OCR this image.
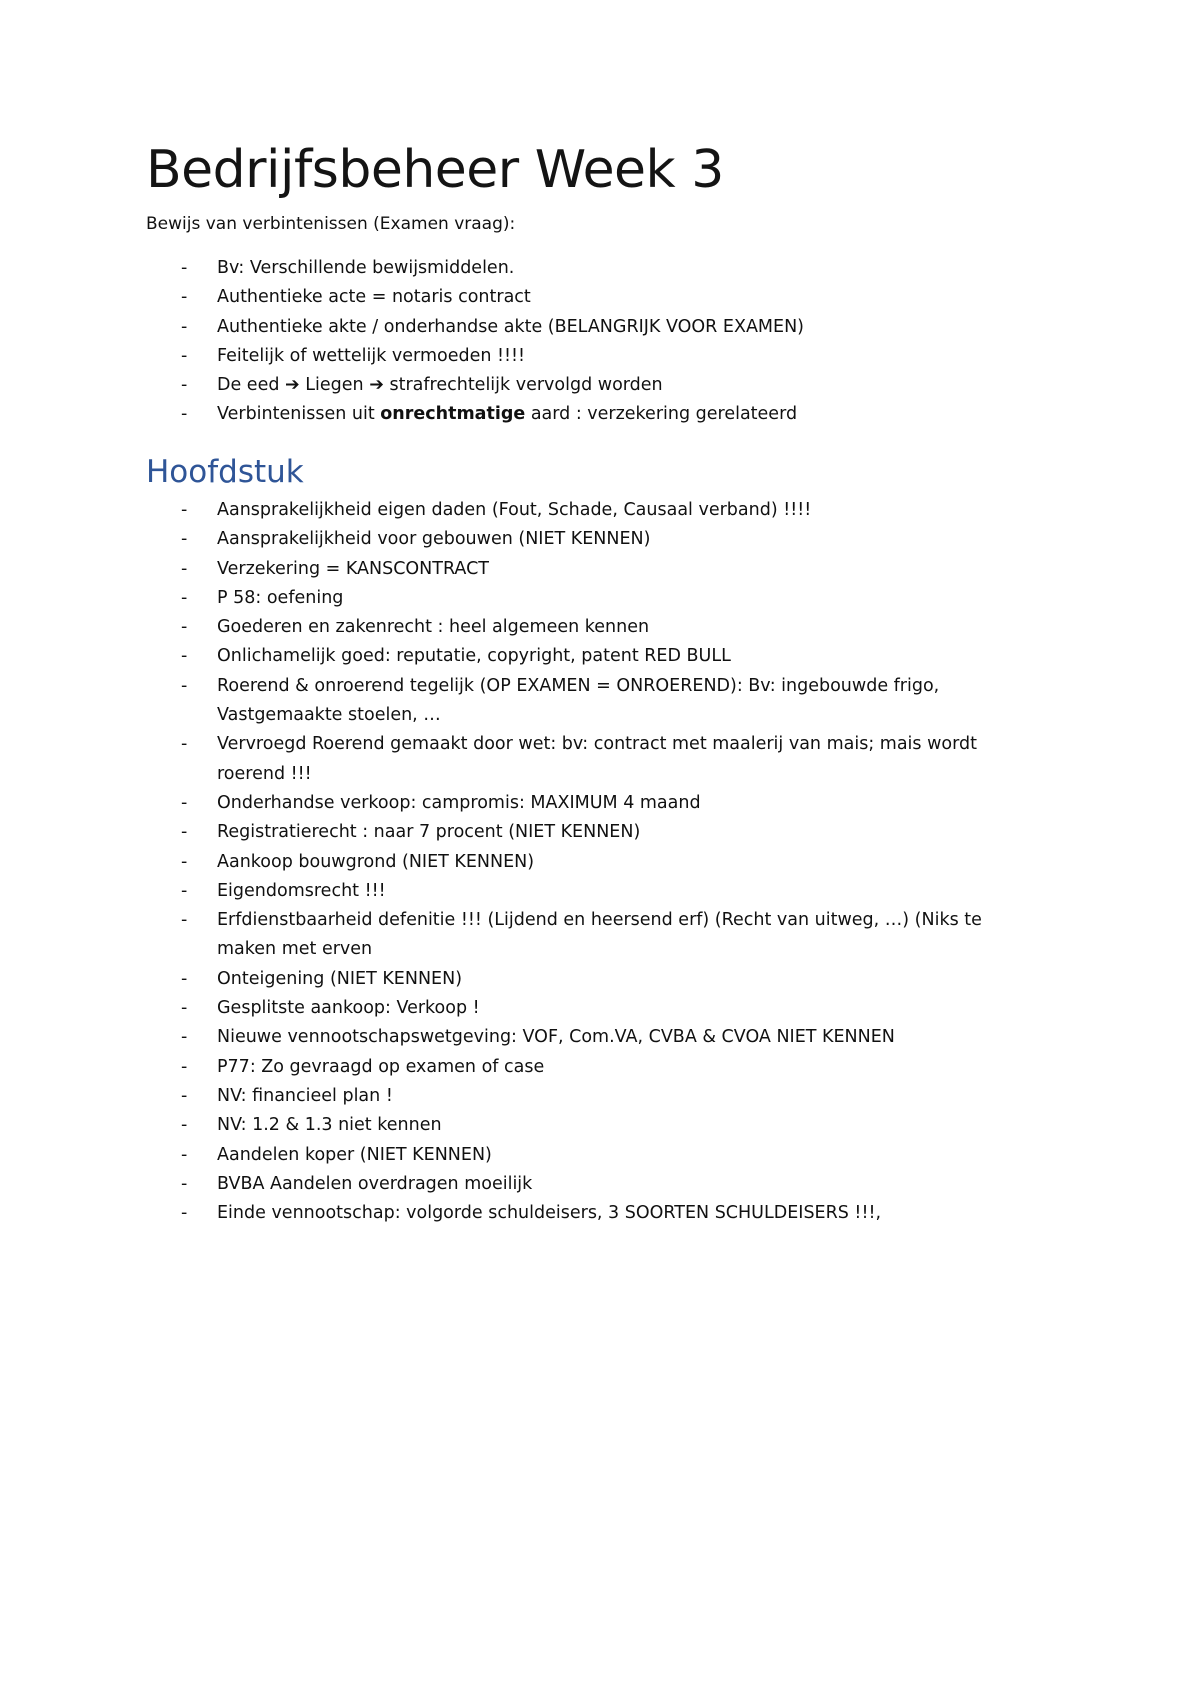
Bedrijfsbeheer Week 3
Bewijs van verbintenissen (Examen vraag):
- Bv: Verschillende bewijsmiddelen.
- Authentieke acte = notaris contract
- Authentieke akte / onderhandse akte (BELANGRIJK VOOR EXAMEN)
- Feitelijk of wettelijk vermoeden !!!!
- De eed ➔ Liegen ➔ strafrechtelijk vervolgd worden
- Verbintenissen uit onrechtmatige aard : verzekering gerelateerd
Hoofdstuk
- Aansprakelijkheid eigen daden (Fout, Schade, Causaal verband) !!!!
- Aansprakelijkheid voor gebouwen (NIET KENNEN)
- Verzekering = KANSCONTRACT
- P 58: oefening
- Goederen en zakenrecht : heel algemeen kennen
- Onlichamelijk goed: reputatie, copyright, patent RED BULL
- Roerend & onroerend tegelijk (OP EXAMEN = ONROEREND): Bv: ingebouwde frigo, Vastgemaakte stoelen, …
- Vervroegd Roerend gemaakt door wet: bv: contract met maalerij van mais; mais wordt roerend !!!
- Onderhandse verkoop: campromis: MAXIMUM 4 maand
- Registratierecht : naar 7 procent (NIET KENNEN)
- Aankoop bouwgrond (NIET KENNEN)
- Eigendomsrecht !!!
- Erfdienstbaarheid defenitie !!! (Lijdend en heersend erf) (Recht van uitweg, …) (Niks te maken met erven
- Onteigening (NIET KENNEN)
- Gesplitste aankoop: Verkoop !
- Nieuwe vennootschapswetgeving: VOF, Com.VA, CVBA & CVOA NIET KENNEN
- P77: Zo gevraagd op examen of case
- NV: financieel plan !
- NV: 1.2 & 1.3 niet kennen
- Aandelen koper (NIET KENNEN)
- BVBA Aandelen overdragen moeilijk
- Einde vennootschap: volgorde schuldeisers, 3 SOORTEN SCHULDEISERS !!!,
